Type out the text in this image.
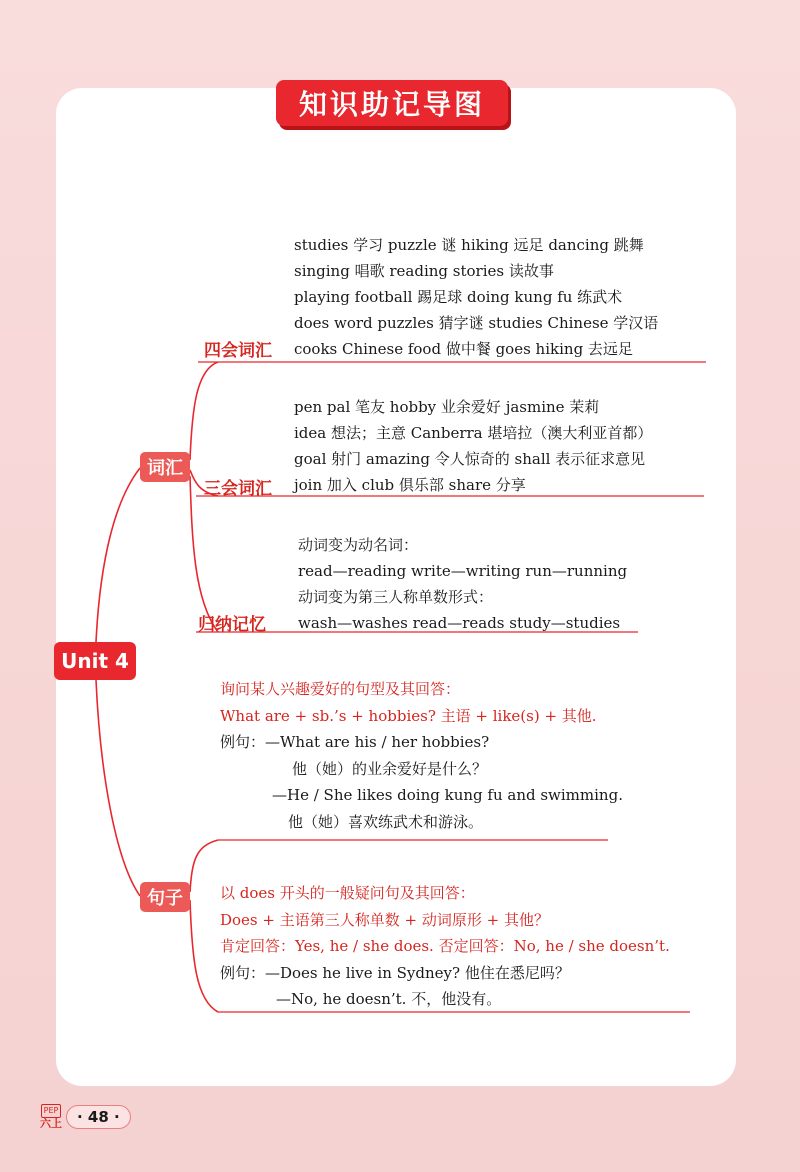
知识助记导图
Unit 4
词汇
句子
四会词汇
三会词汇
归纳记忆
studies 学习 puzzle 谜 hiking 远足 dancing 跳舞
singing 唱歌 reading stories 读故事
playing football 踢足球 doing kung fu 练武术
does word puzzles 猜字谜 studies Chinese 学汉语
cooks Chinese food 做中餐 goes hiking 去远足
pen pal 笔友 hobby 业余爱好 jasmine 茉莉
idea 想法；主意 Canberra 堪培拉（澳大利亚首都）
goal 射门 amazing 令人惊奇的 shall 表示征求意见
join 加入 club 俱乐部 share 分享
动词变为动名词：
read—reading write—writing run—running
动词变为第三人称单数形式：
wash—washes read—reads study—studies
询问某人兴趣爱好的句型及其回答：
What are + sb.’s + hobbies? 主语 + like(s) + 其他.
例句：—What are his / her hobbies?
他（她）的业余爱好是什么？
—He / She likes doing kung fu and swimming.
他（她）喜欢练武术和游泳。
以 does 开头的一般疑问句及其回答：
Does + 主语第三人称单数 + 动词原形 + 其他？
肯定回答：Yes, he / she does. 否定回答：No, he / she doesn’t.
例句：—Does he live in Sydney? 他住在悉尼吗？
—No, he doesn’t. 不，他没有。
PEP
六上	· 48 ·
